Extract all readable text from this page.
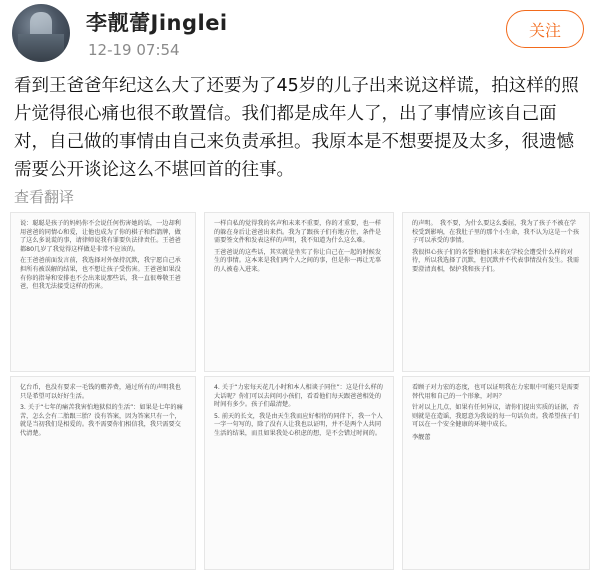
李靓蕾Jinglei
12-19 07:54
关注
看到王爸爸年纪这么大了还要为了45岁的儿子出来说这样谎，拍这样的照片觉得很心痛也很不敢置信。我们都是成年人了，出了事情应该自己面对，自己做的事情由自己来负责承担。我原本是不想要提及太多，很遗憾需要公开谈论这么不堪回首的往事。
查看翻译

说：聪聪是孩子的妈妈你不会说任何伤害她的话，一边却利用爸爸的同情心和爱，让他也成为了你的棋子和挡箭牌，做了这么多说谎的事，请律师说我有罪要负法律责任。王爸爸都80几岁了我觉得这样做是非常不应该的。

在王爸爸前面发言前，我选择对外保持沉默，我宁愿自己承担所有被误解的结果，也不想让孩子受伤害。王爸爸如果没有你的指导和安排也不会出来说那些话，我一直很尊敬王爸爸，但我无法接受这样的伤害。

一样自私的觉得我的名声和未来不重要，你的才重要，也一样的躲在身后让爸爸出来挡。我为了跟孩子们有地方住，条件是需要签文件和发表这样的声明，我不知道为什么这么难。

王爸爸说的这些话，其实就是坐实了你让自己在一起的时候发生的事情。这本来是我们两个人之间的事，但是你一再让无辜的人被卷入进来。

的声明。　我不要，为什么要这么委屈，我为了孩子不被在学校受到影响，在我肚子里的那个小生命，我不认为这是一个孩子可以承受的事情。

我很担心孩子们的名誉和他们未来在学校会遭受什么样的对待，所以我选择了沉默，但沉默并不代表事情没有发生。我需要澄清真相，保护我和孩子们。

亿台币，也没有要求一毛钱的赡养费，通过所有的声明我也只是希望可以好好生活。

3. 关于“七年的痛苦我害怕地狱似的生活”：如果是七年的痛苦，怎么会有二胎跟三胎？没有答案，因为答案只有一个，就是当初我们是相爱的。我不需要你们相信我，我只需要交代清楚。

4. 关于“力宏每天花几小时和本人相谈子同住”：这是什么样的大话呢？你们可以去问问小孩们，看看他们每天跟爸爸相处的时间有多少。孩子们最清楚。

5. 前天的长文，我是由天生我而应好相待的同伴下，我一个人一字一句写的，除了没有人让我也以证明，并不是两个人共同生活的结果，而且如果我处心积虑的想，是不会错过时间的。

看顾子对力宏的态度，也可以证明我在力宏眼中可能只是需要替代用和自己的一个形象，对吗？

针对以上几点，如果有任何异议，请你们提出实质的证据，否则就是在造谣，我愿意为我说的每一句话负责。我希望孩子们可以在一个安全健康的环境中成长。

李靓蕾
